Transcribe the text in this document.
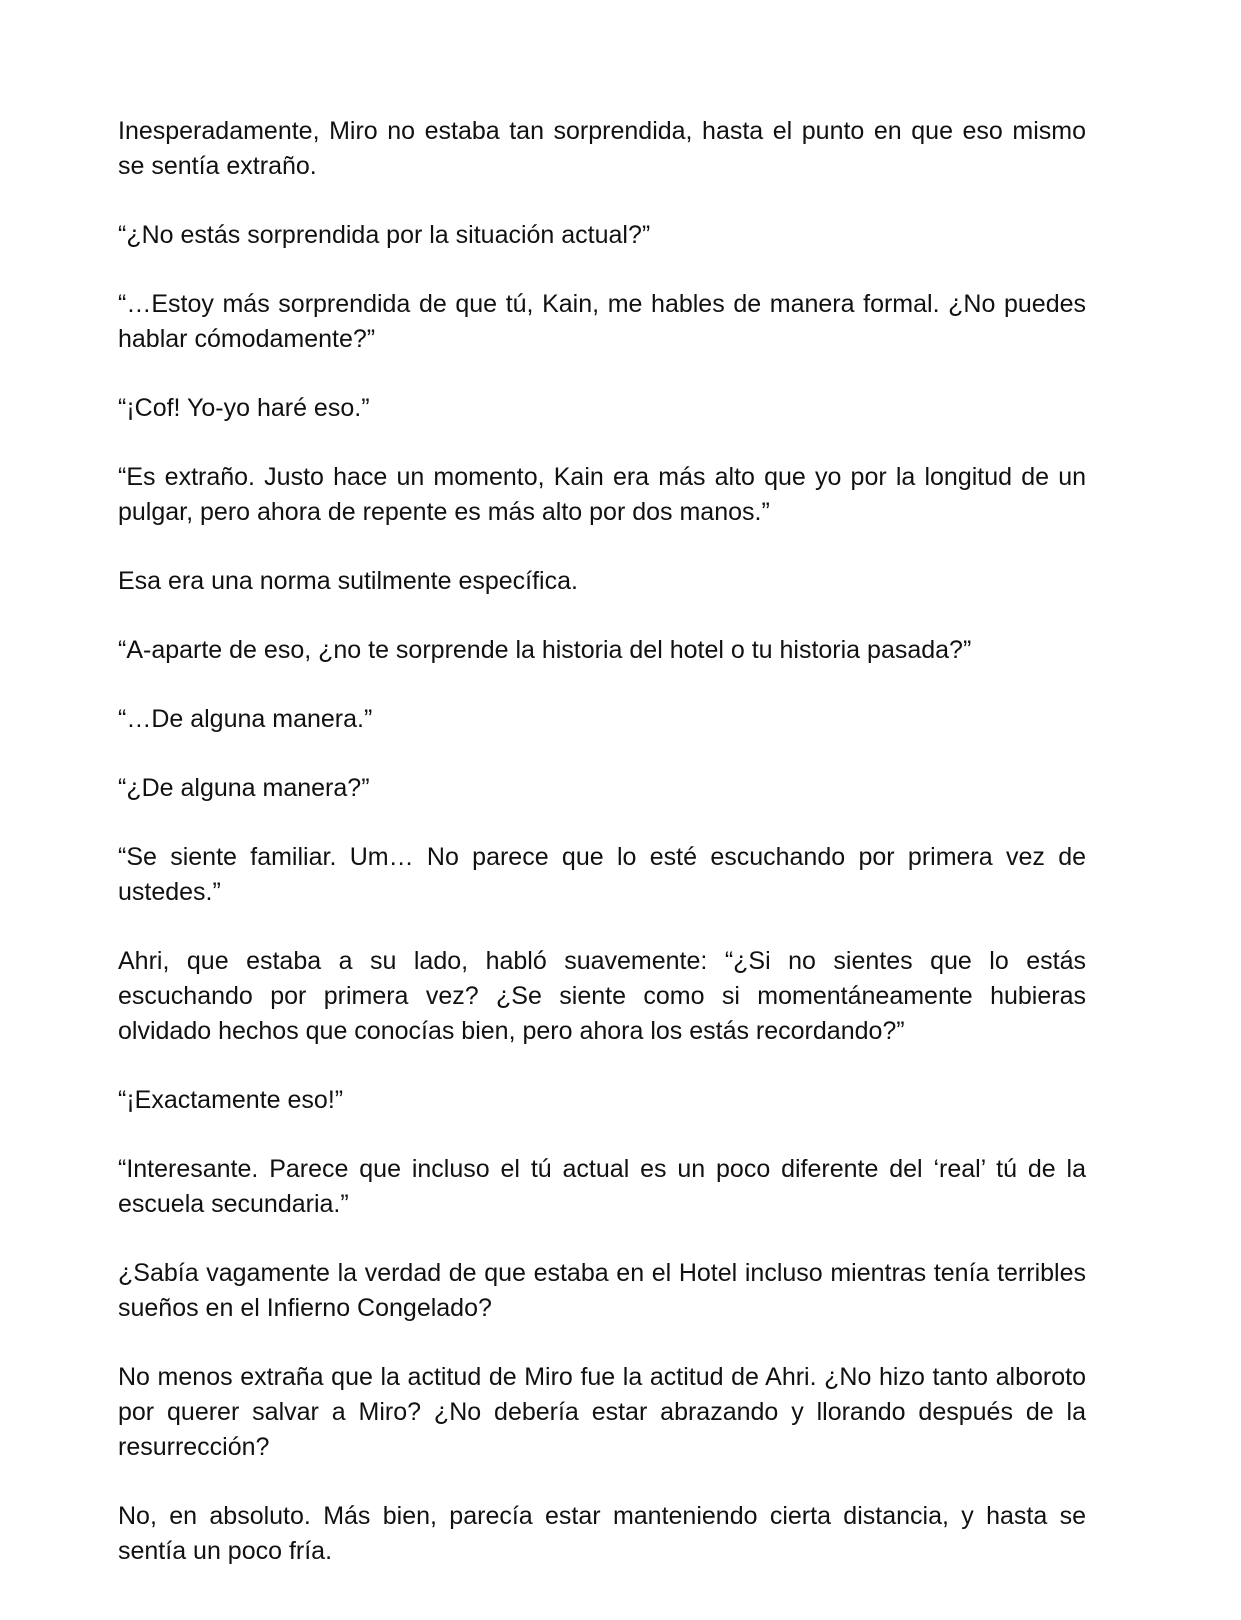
Inesperadamente, Miro no estaba tan sorprendida, hasta el punto en que eso mismo se sentía extraño.

“¿No estás sorprendida por la situación actual?”

“…Estoy más sorprendida de que tú, Kain, me hables de manera formal. ¿No puedes hablar cómodamente?”

“¡Cof! Yo-yo haré eso.”

“Es extraño. Justo hace un momento, Kain era más alto que yo por la longitud de un pulgar, pero ahora de repente es más alto por dos manos.”

Esa era una norma sutilmente específica.

“A-aparte de eso, ¿no te sorprende la historia del hotel o tu historia pasada?”

“…De alguna manera.”

“¿De alguna manera?”

“Se siente familiar. Um… No parece que lo esté escuchando por primera vez de ustedes.”

Ahri, que estaba a su lado, habló suavemente: “¿Si no sientes que lo estás escuchando por primera vez? ¿Se siente como si momentáneamente hubieras olvidado hechos que conocías bien, pero ahora los estás recordando?”

“¡Exactamente eso!”

“Interesante. Parece que incluso el tú actual es un poco diferente del ‘real’ tú de la escuela secundaria.”

¿Sabía vagamente la verdad de que estaba en el Hotel incluso mientras tenía terribles sueños en el Infierno Congelado?

No menos extraña que la actitud de Miro fue la actitud de Ahri. ¿No hizo tanto alboroto por querer salvar a Miro? ¿No debería estar abrazando y llorando después de la resurrección?

No, en absoluto. Más bien, parecía estar manteniendo cierta distancia, y hasta se sentía un poco fría.
